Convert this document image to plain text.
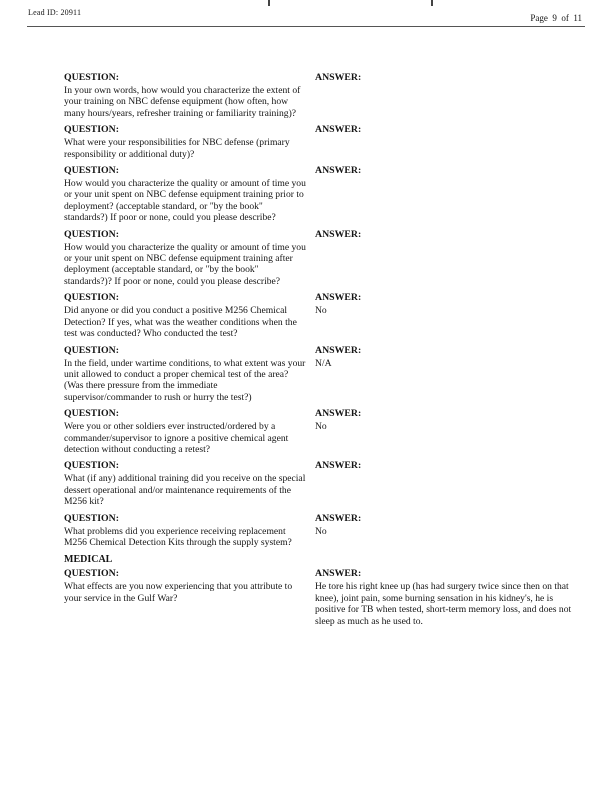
Lead ID: 20911
Page  9  of  11
QUESTION:
In your own words, how would you characterize the extent of your training on NBC defense equipment (how often, how many hours/years, refresher training or familiarity training)?
ANSWER:
QUESTION:
What were your responsibilities for NBC defense (primary responsibility or additional duty)?
ANSWER:
QUESTION:
How would you characterize the quality or amount of time you or your unit spent on NBC defense equipment training prior to deployment? (acceptable standard, or "by the book" standards?) If poor or none, could you please describe?
ANSWER:
QUESTION:
How would you characterize the quality or amount of time you or your unit spent on NBC defense equipment training after deployment (acceptable standard, or "by the book" standards?)? If poor or none, could you please describe?
ANSWER:
QUESTION:
Did anyone or did you conduct a positive M256 Chemical Detection? If yes, what was the weather conditions when the test was conducted? Who conducted the test?
ANSWER:
No
QUESTION:
In the field, under wartime conditions, to what extent was your unit allowed to conduct a proper chemical test of the area? (Was there pressure from the immediate supervisor/commander to rush or hurry the test?)
ANSWER:
N/A
QUESTION:
Were you or other soldiers ever instructed/ordered by a commander/supervisor to ignore a positive chemical agent detection without conducting a retest?
ANSWER:
No
QUESTION:
What (if any) additional training did you receive on the special dessert operational and/or maintenance requirements of the M256 kit?
ANSWER:
QUESTION:
What problems did you experience receiving replacement M256 Chemical Detection Kits through the supply system?
ANSWER:
No
MEDICAL
QUESTION:
What effects are you now experiencing that you attribute to your service in the Gulf War?
ANSWER:
He tore his right knee up (has had surgery twice since then on that knee), joint pain, some burning sensation in his kidney's, he is positive for TB when tested, short-term memory loss, and does not sleep as much as he used to.
